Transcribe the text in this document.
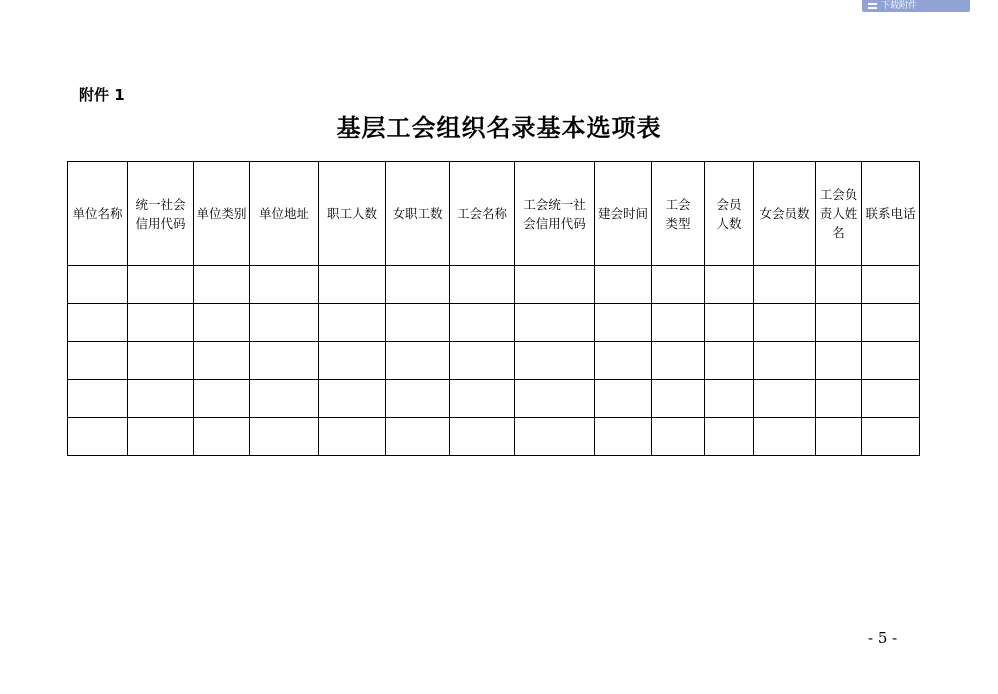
下载附件
附件 1
基层工会组织名录基本选项表
单位名称	统一社会信用代码	单位类别	单位地址	职工人数	女职工数	工会名称	工会统一社会信用代码	建会时间	工会类型	会员人数	女会员数	工会负责人姓名	联系电话

- 5 -
